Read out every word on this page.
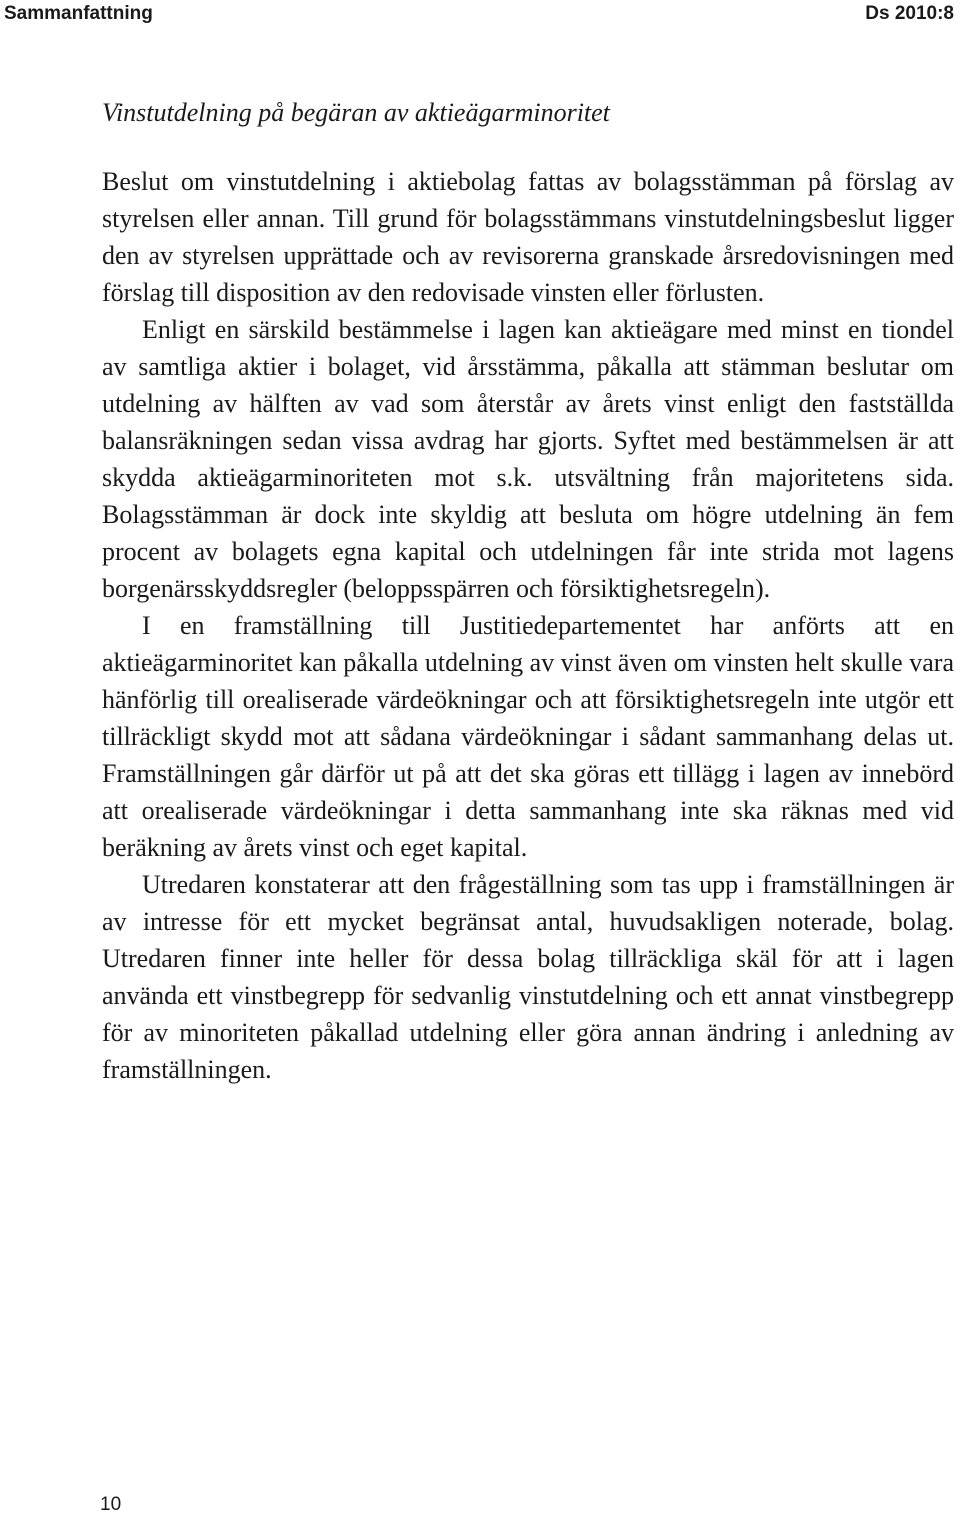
Sammanfattning	Ds 2010:8
Vinstutdelning på begäran av aktieägarminoritet

Beslut om vinstutdelning i aktiebolag fattas av bolagsstämman på förslag av styrelsen eller annan. Till grund för bolagsstämmans vinstutdelningsbeslut ligger den av styrelsen upprättade och av revisorerna granskade årsredovisningen med förslag till disposition av den redovisade vinsten eller förlusten.

Enligt en särskild bestämmelse i lagen kan aktieägare med minst en tiondel av samtliga aktier i bolaget, vid årsstämma, påkalla att stämman beslutar om utdelning av hälften av vad som återstår av årets vinst enligt den fastställda balansräkningen sedan vissa avdrag har gjorts. Syftet med bestämmelsen är att skydda aktieägarminoriteten mot s.k. utsvältning från majoritetens sida. Bolagsstämman är dock inte skyldig att besluta om högre utdelning än fem procent av bolagets egna kapital och utdelningen får inte strida mot lagens borgenärsskyddsregler (beloppsspärren och försiktighetsregeln).

I en framställning till Justitiedepartementet har anförts att en aktieägarminoritet kan påkalla utdelning av vinst även om vinsten helt skulle vara hänförlig till orealiserade värdeökningar och att försiktighetsregeln inte utgör ett tillräckligt skydd mot att sådana värdeökningar i sådant sammanhang delas ut. Framställningen går därför ut på att det ska göras ett tillägg i lagen av innebörd att orealiserade värdeökningar i detta sammanhang inte ska räknas med vid beräkning av årets vinst och eget kapital.

Utredaren konstaterar att den frågeställning som tas upp i framställningen är av intresse för ett mycket begränsat antal, huvudsakligen noterade, bolag. Utredaren finner inte heller för dessa bolag tillräckliga skäl för att i lagen använda ett vinstbegrepp för sedvanlig vinstutdelning och ett annat vinstbegrepp för av minoriteten påkallad utdelning eller göra annan ändring i anledning av framställningen.

10
